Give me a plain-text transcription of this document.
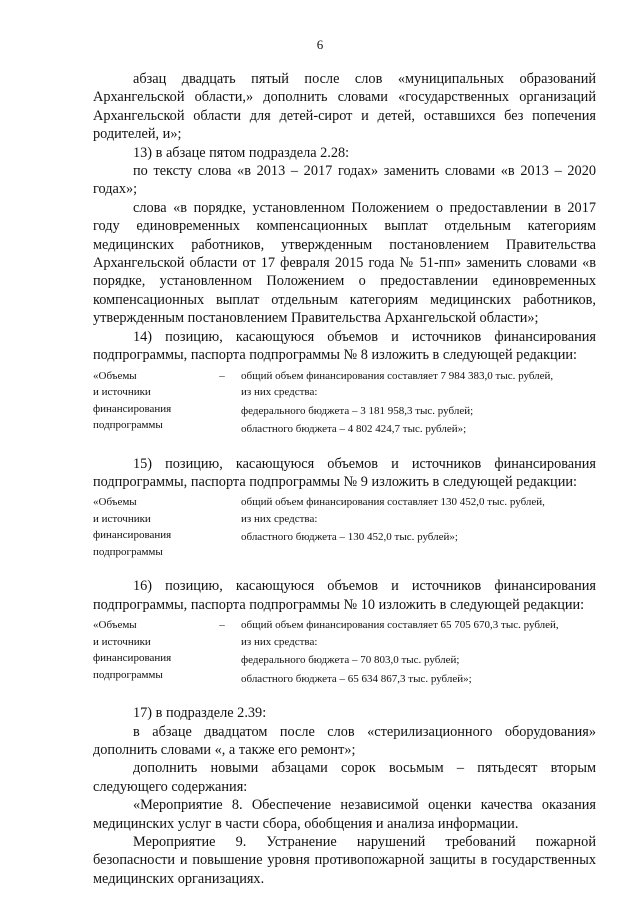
6

абзац двадцать пятый после слов «муниципальных образований Архангельской области,» дополнить словами «государственных организаций Архангельской области для детей-сирот и детей, оставшихся без попечения родителей, и»;

13) в абзаце пятом подраздела 2.28:

по тексту слова «в 2013 – 2017 годах» заменить словами «в 2013 – 2020 годах»;

слова «в порядке, установленном Положением о предоставлении в 2017 году единовременных компенсационных выплат отдельным категориям медицинских работников, утвержденным постановлением Правительства Архангельской области от 17 февраля 2015 года № 51-пп» заменить словами «в порядке, установленном Положением о предоставлении единовременных компенсационных выплат отдельным категориям медицинских работников, утвержденным постановлением Правительства Архангельской области»;

14) позицию, касающуюся объемов и источников финансирования подпрограммы, паспорта подпрограммы № 8 изложить в следующей редакции:

«Объемы
и источники
финансирования
подпрограммы
	–	общий объем финансирования составляет 7 984 383,0 тыс. рублей,
из них средства:
федерального бюджета – 3 181 958,3 тыс. рублей;
областного бюджета – 4 802 424,7 тыс. рублей»;

15) позицию, касающуюся объемов и источников финансирования подпрограммы, паспорта подпрограммы № 9 изложить в следующей редакции:

«Объемы
и источники
финансирования
подпрограммы

общий объем финансирования составляет 130 452,0 тыс. рублей,
из них средства:
областного бюджета – 130 452,0 тыс. рублей»;

16) позицию, касающуюся объемов и источников финансирования подпрограммы, паспорта подпрограммы № 10 изложить в следующей редакции:

«Объемы
и источники
финансирования
подпрограммы
	–	общий объем финансирования составляет 65 705 670,3 тыс. рублей,
из них средства:
федерального бюджета – 70 803,0 тыс. рублей;
областного бюджета – 65 634 867,3 тыс. рублей»;

17) в подразделе 2.39:

в абзаце двадцатом после слов «стерилизационного оборудования» дополнить словами «, а также его ремонт»;

дополнить новыми абзацами сорок восьмым – пятьдесят вторым следующего содержания:

«Мероприятие 8. Обеспечение независимой оценки качества оказания медицинских услуг в части сбора, обобщения и анализа информации.

Мероприятие 9. Устранение нарушений требований пожарной безопасности и повышение уровня противопожарной защиты в государственных медицинских организациях.
